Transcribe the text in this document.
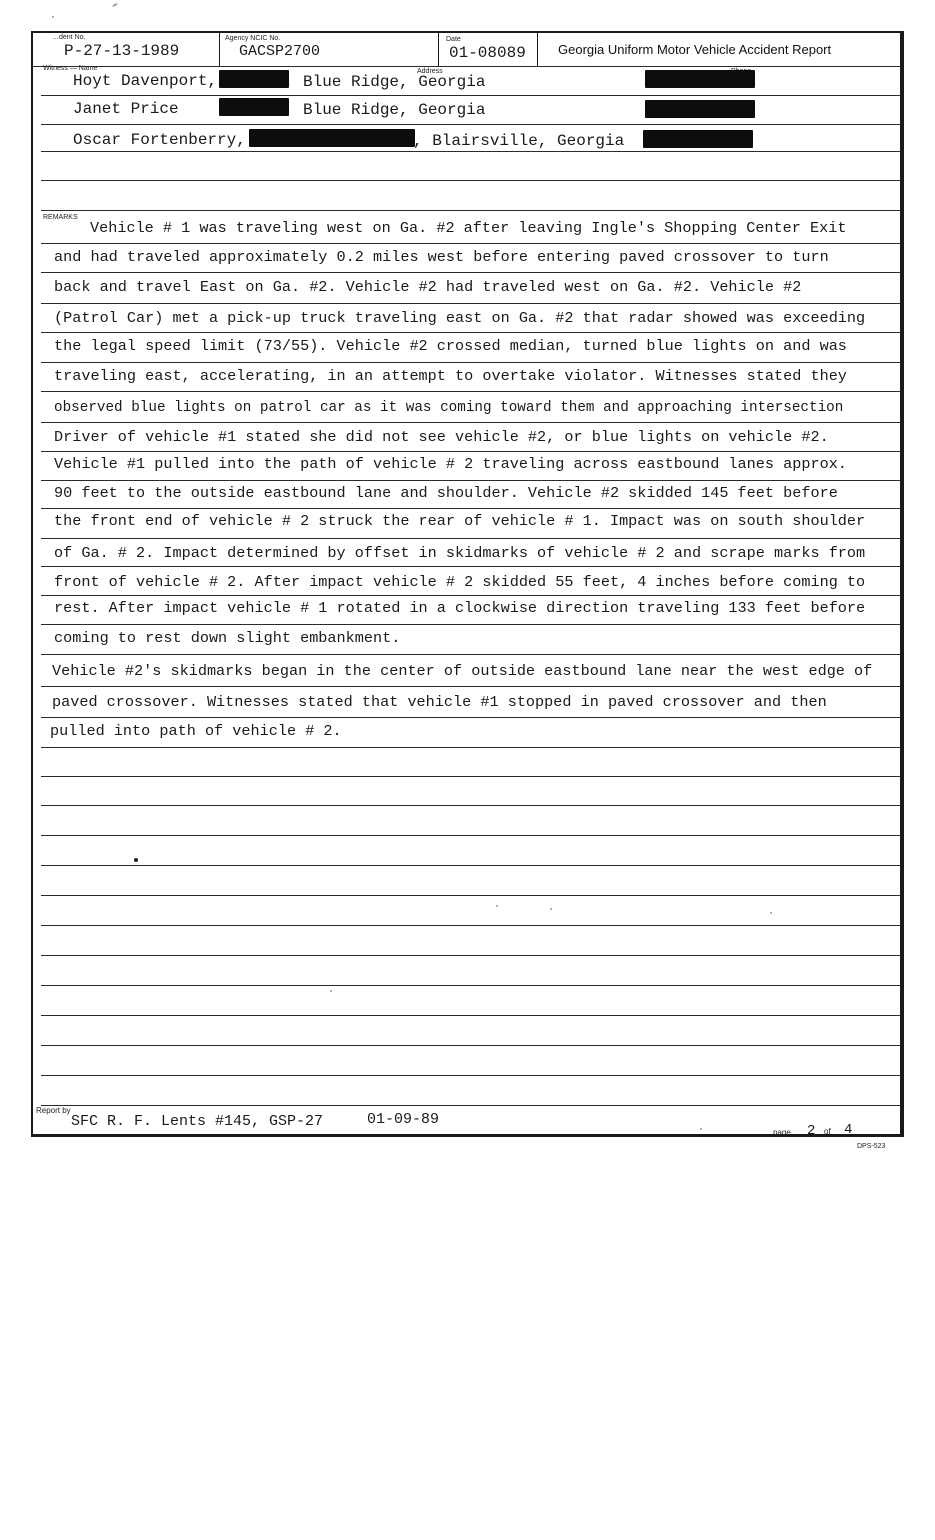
…dent No.
P-27-13-1989
Agency NCIC No.
GACSP2700
Date
01-08089 Georgia Uniform Motor Vehicle Accident Report
Witness — Name	Address
Hoyt Davenport,	Blue Ridge, Georgia
Janet Price	Blue Ridge, Georgia
Oscar Fortenberry,	, Blairsville, Georgia
REMARKS
Vehicle # 1 was traveling west on Ga. #2 after leaving Ingle's Shopping Center Exit
and had traveled approximately 0.2 miles west before entering paved crossover to turn
back and travel East on Ga. #2. Vehicle #2 had traveled west on Ga. #2. Vehicle #2
(Patrol Car) met a pick-up truck traveling east on Ga. #2 that radar showed was exceeding
the legal speed limit (73/55). Vehicle #2 crossed median, turned blue lights on and was
traveling east, accelerating, in an attempt to overtake violator. Witnesses stated they
observed blue lights on patrol car as it was coming toward them and approaching intersection
Driver of vehicle #1 stated she did not see vehicle #2, or blue lights on vehicle #2.
Vehicle #1 pulled into the path of vehicle # 2 traveling across eastbound lanes approx.
90 feet to the outside eastbound lane and shoulder. Vehicle #2 skidded 145 feet before
the front end of vehicle # 2 struck the rear of vehicle # 1. Impact was on south shoulder
of Ga. # 2. Impact determined by offset in skidmarks of vehicle # 2 and scrape marks from
front of vehicle # 2. After impact vehicle # 2 skidded 55 feet, 4 inches before coming to
rest. After impact vehicle # 1 rotated in a clockwise direction traveling 133 feet before
coming to rest down slight embankment.
Vehicle #2's skidmarks began in the center of outside eastbound lane near the west edge of
paved crossover. Witnesses stated that vehicle #1 stopped in paved crossover and then
pulled into path of vehicle # 2.
Report by
SFC R. F. Lents #145, GSP-27	01-09-89
page 2 of 4
DPS-523
